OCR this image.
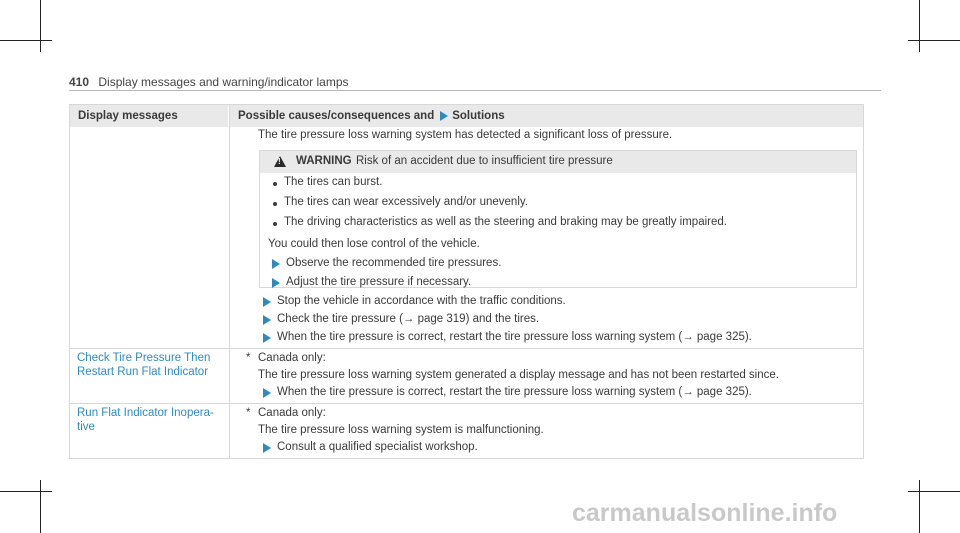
410 Display messages and warning/indicator lamps
Display messages	Possible causes/consequences and Solutions
The tire pressure loss warning system has detected a significant loss of pressure.
!
WARNING Risk of an accident due to insufficient tire pressure
The tires can burst.
The tires can wear excessively and/or unevenly.
The driving characteristics as well as the steering and braking may be greatly impaired.
You could then lose control of the vehicle.
Observe the recommended tire pressures.
Adjust the tire pressure if necessary.
Stop the vehicle in accordance with the traffic conditions.
Check the tire pressure (→ page 319) and the tires.
When the tire pressure is correct, restart the tire pressure loss warning system (→ page 325).
Check Tire Pressure Then
Restart Run Flat Indicator
* Canada only:
The tire pressure loss warning system generated a display message and has not been restarted since.
When the tire pressure is correct, restart the tire pressure loss warning system (→ page 325).
Run Flat Indicator Inopera-
tive
* Canada only:
The tire pressure loss warning system is malfunctioning.
Consult a qualified specialist workshop.
carmanualsonline.info
